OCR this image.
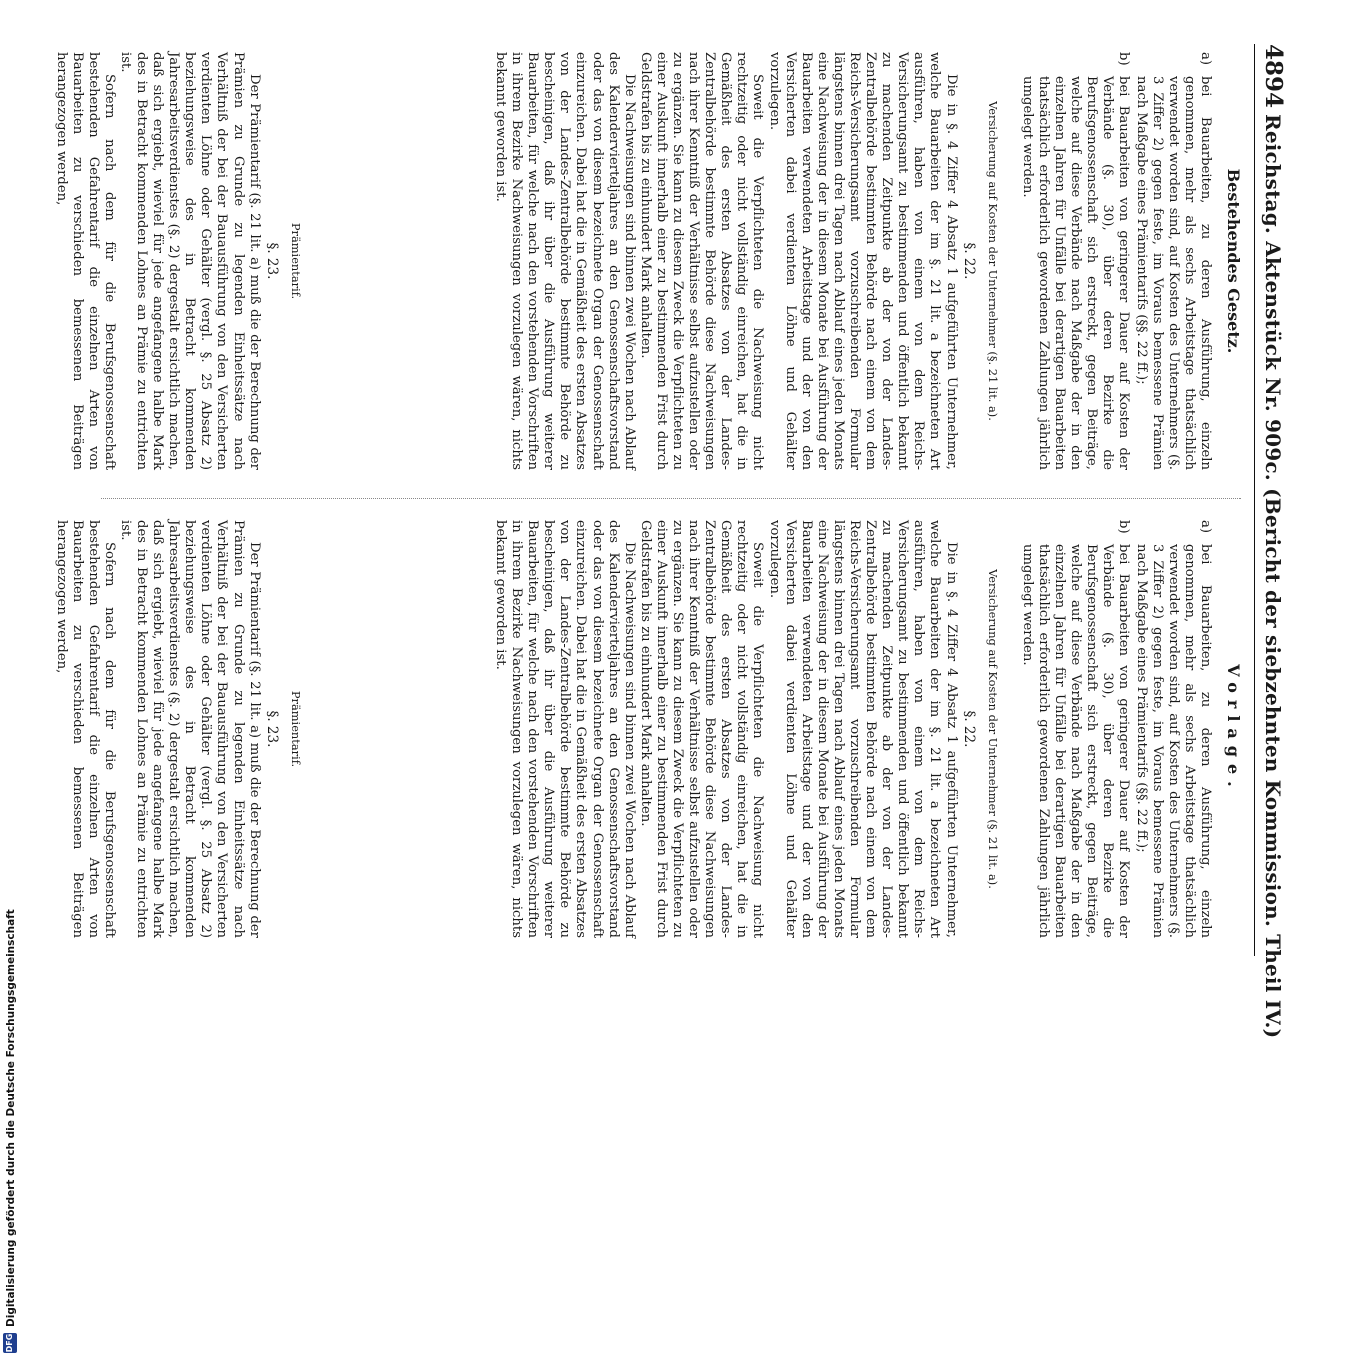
4894
Reichstag. Aktenstück Nr. 909c. (Bericht der siebzehnten Kommission. Theil IV.)
Bestehendes Gesetz.
a)
bei Bauarbeiten, zu deren Ausführung, einzeln genommen, mehr als sechs Arbeitstage thatsächlich verwendet worden sind, auf Kosten des Unternehmers (§. 3 Ziffer 2) gegen feste, im Voraus bemessene Prämien nach Maßgabe eines Prämientarifs (§§. 22 ff.);
b)
bei Bauarbeiten von geringerer Dauer auf Kosten der Verbände (§. 30), über deren Bezirke die Berufsgenossenschaft sich erstreckt, gegen Beiträge, welche auf diese Verbände nach Maßgabe der in den einzelnen Jahren für Unfälle bei derartigen Bauarbeiten thatsächlich erforderlich gewordenen Zahlungen jährlich umgelegt werden.
Versicherung auf Kosten der Unternehmer (§. 21 lit. a).
§. 22.

Die in §. 4 Ziffer 4 Absatz 1 aufgeführten Unternehmer, welche Bauarbeiten der im §. 21 lit. a bezeichneten Art ausführen, haben von einem von dem Reichs-Versicherungsamt zu bestimmenden und öffentlich bekannt zu machenden Zeitpunkte ab der von der Landes-Zentralbehörde bestimmten Behörde nach einem von dem Reichs-Versicherungsamt vorzuschreibenden Formular längstens binnen drei Tagen nach Ablauf eines jeden Monats eine Nachweisung der in diesem Monate bei Ausführung der Bauarbeiten verwendeten Arbeitstage und der von den Versicherten dabei verdienten Löhne und Gehälter vorzulegen.

Soweit die Verpflichteten die Nachweisung nicht rechtzeitig oder nicht vollständig einreichen, hat die in Gemäßheit des ersten Absatzes von der Landes-Zentralbehörde bestimmte Behörde diese Nachweisungen nach ihrer Kenntniß der Verhältnisse selbst aufzustellen oder zu ergänzen. Sie kann zu diesem Zweck die Verpflichteten zu einer Auskunft innerhalb einer zu bestimmenden Frist durch Geldstrafen bis zu einhundert Mark anhalten.

Die Nachweisungen sind binnen zwei Wochen nach Ablauf des Kalendervierteljahres an den Genossenschaftsvorstand oder das von diesem bezeichnete Organ der Genossenschaft einzureichen. Dabei hat die in Gemäßheit des ersten Absatzes von der Landes-Zentralbehörde bestimmte Behörde zu bescheinigen, daß ihr über die Ausführung weiterer Bauarbeiten, für welche nach den vorstehenden Vorschriften in ihrem Bezirke Nachweisungen vorzulegen wären, nichts bekannt geworden ist.

Prämientarif.
§. 23.

Der Prämientarif (§. 21 lit. a) muß die der Berechnung der Prämien zu Grunde zu legenden Einheitssätze nach Verhältniß der bei der Bauausführung von den Versicherten verdienten Löhne oder Gehälter (vergl. §. 25 Absatz 2) beziehungsweise des in Betracht kommenden Jahresarbeitsverdienstes (§. 2) dergestalt ersichtlich machen, daß sich ergiebt, wieviel für jede angefangene halbe Mark des in Betracht kommenden Lohnes an Prämie zu entrichten ist.

Sofern nach dem für die Berufsgenossenschaft bestehenden Gefahrentarif die einzelnen Arten von Bauarbeiten zu verschieden bemessenen Beiträgen herangezogen werden,

Vorlage.
a)
bei Bauarbeiten, zu deren Ausführung, einzeln genommen, mehr als sechs Arbeitstage thatsächlich verwendet worden sind, auf Kosten des Unternehmers (§. 3 Ziffer 2) gegen feste, im Voraus bemessene Prämien nach Maßgabe eines Prämientarifs (§§. 22 ff.);
b)
bei Bauarbeiten von geringerer Dauer auf Kosten der Verbände (§. 30), über deren Bezirke die Berufsgenossenschaft sich erstreckt, gegen Beiträge, welche auf diese Verbände nach Maßgabe der in den einzelnen Jahren für Unfälle bei derartigen Bauarbeiten thatsächlich erforderlich gewordenen Zahlungen jährlich umgelegt werden.
Versicherung auf Kosten der Unternehmer (§. 21 lit. a).
§. 22.

Die in §. 4 Ziffer 4 Absatz 1 aufgeführten Unternehmer, welche Bauarbeiten der im §. 21 lit. a bezeichneten Art ausführen, haben von einem von dem Reichs-Versicherungsamt zu bestimmenden und öffentlich bekannt zu machenden Zeitpunkte ab der von der Landes-Zentralbehörde bestimmten Behörde nach einem von dem Reichs-Versicherungsamt vorzuschreibenden Formular längstens binnen drei Tagen nach Ablauf eines jeden Monats eine Nachweisung der in diesem Monate bei Ausführung der Bauarbeiten verwendeten Arbeitstage und der von den Versicherten dabei verdienten Löhne und Gehälter vorzulegen.

Soweit die Verpflichteten die Nachweisung nicht rechtzeitig oder nicht vollständig einreichen, hat die in Gemäßheit des ersten Absatzes von der Landes-Zentralbehörde bestimmte Behörde diese Nachweisungen nach ihrer Kenntniß der Verhältnisse selbst aufzustellen oder zu ergänzen. Sie kann zu diesem Zweck die Verpflichteten zu einer Auskunft innerhalb einer zu bestimmenden Frist durch Geldstrafen bis zu einhundert Mark anhalten.

Die Nachweisungen sind binnen zwei Wochen nach Ablauf des Kalendervierteljahres an den Genossenschaftsvorstand oder das von diesem bezeichnete Organ der Genossenschaft einzureichen. Dabei hat die in Gemäßheit des ersten Absatzes von der Landes-Zentralbehörde bestimmte Behörde zu bescheinigen, daß ihr über die Ausführung weiterer Bauarbeiten, für welche nach den vorstehenden Vorschriften in ihrem Bezirke Nachweisungen vorzulegen wären, nichts bekannt geworden ist.

Prämientarif.
§. 23.

Der Prämientarif (§. 21 lit. a) muß die der Berechnung der Prämien zu Grunde zu legenden Einheitssätze nach Verhältniß der bei der Bauausführung von den Versicherten verdienten Löhne oder Gehälter (vergl. §. 25 Absatz 2) beziehungsweise des in Betracht kommenden Jahresarbeitsverdienstes (§. 2) dergestalt ersichtlich machen, daß sich ergiebt, wieviel für jede angefangene halbe Mark des in Betracht kommenden Lohnes an Prämie zu entrichten ist.

Sofern nach dem für die Berufsgenossenschaft bestehenden Gefahrentarif die einzelnen Arten von Bauarbeiten zu verschieden bemessenen Beiträgen herangezogen werden,

DFG
Digitalisierung gefördert durch die Deutsche Forschungsgemeinschaft
